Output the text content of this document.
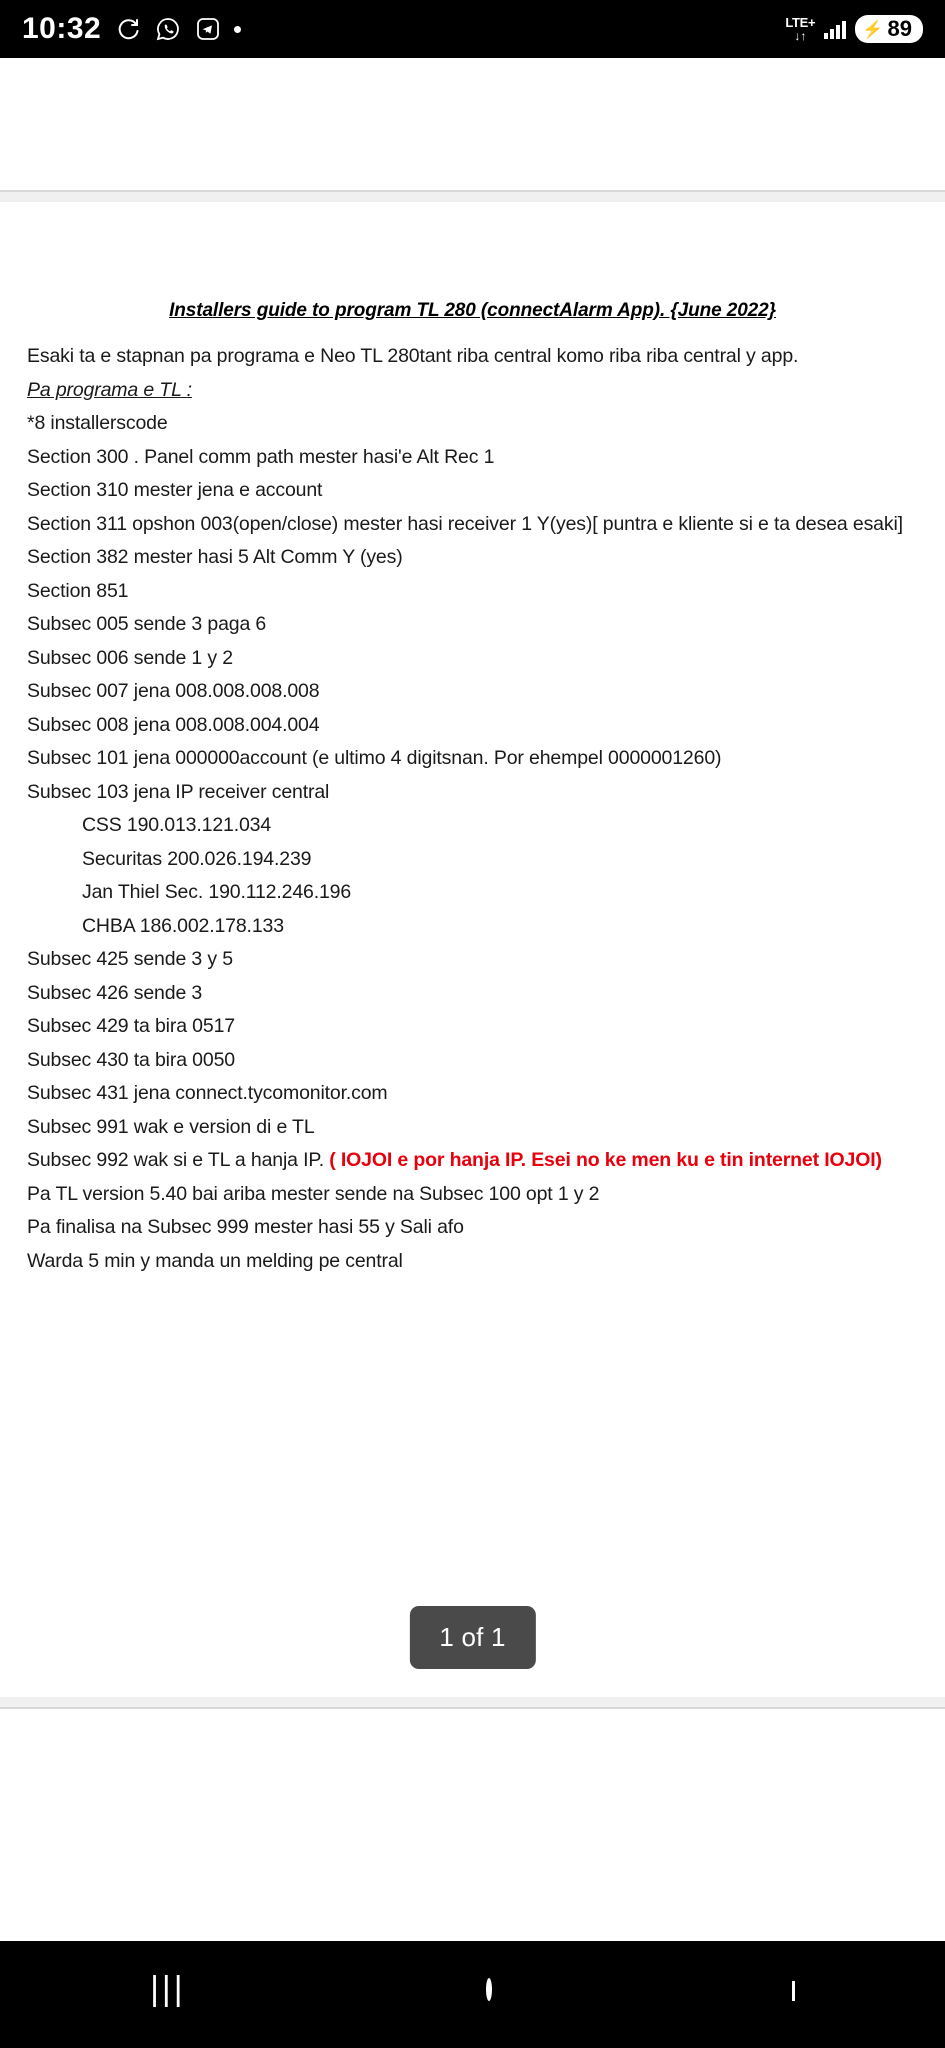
10:32	LTE+
↓↑	⚡ 89
Installers guide to program TL 280 (connectAlarm App). {June 2022}

Esaki ta e stapnan pa programa e Neo TL 280tant riba central komo riba riba central y app.

Pa programa e TL :

*8 installerscode

Section 300 . Panel comm path mester hasi'e Alt Rec 1

Section 310 mester jena e account

Section 311 opshon 003(open/close) mester hasi receiver 1 Y(yes)[ puntra e kliente si e ta desea esaki]

Section 382 mester hasi 5 Alt Comm Y (yes)

Section 851

Subsec 005 sende 3 paga 6

Subsec 006 sende 1 y 2

Subsec 007 jena 008.008.008.008

Subsec 008 jena 008.008.004.004

Subsec 101 jena 000000account (e ultimo 4 digitsnan. Por ehempel 0000001260)

Subsec 103 jena IP receiver central

CSS 190.013.121.034

Securitas 200.026.194.239

Jan Thiel Sec. 190.112.246.196

CHBA 186.002.178.133

Subsec 425 sende 3 y 5

Subsec 426 sende 3

Subsec 429 ta bira 0517

Subsec 430 ta bira 0050

Subsec 431 jena connect.tycomonitor.com

Subsec 991 wak e version di e TL

Subsec 992 wak si e TL a hanja IP. ( IOJOI e por hanja IP. Esei no ke men ku e tin internet IOJOI)

Pa TL version 5.40 bai ariba mester sende na Subsec 100 opt 1 y 2

Pa finalisa na Subsec 999 mester hasi 55 y Sali afo

Warda 5 min y manda un melding pe central

1 of 1
|||
